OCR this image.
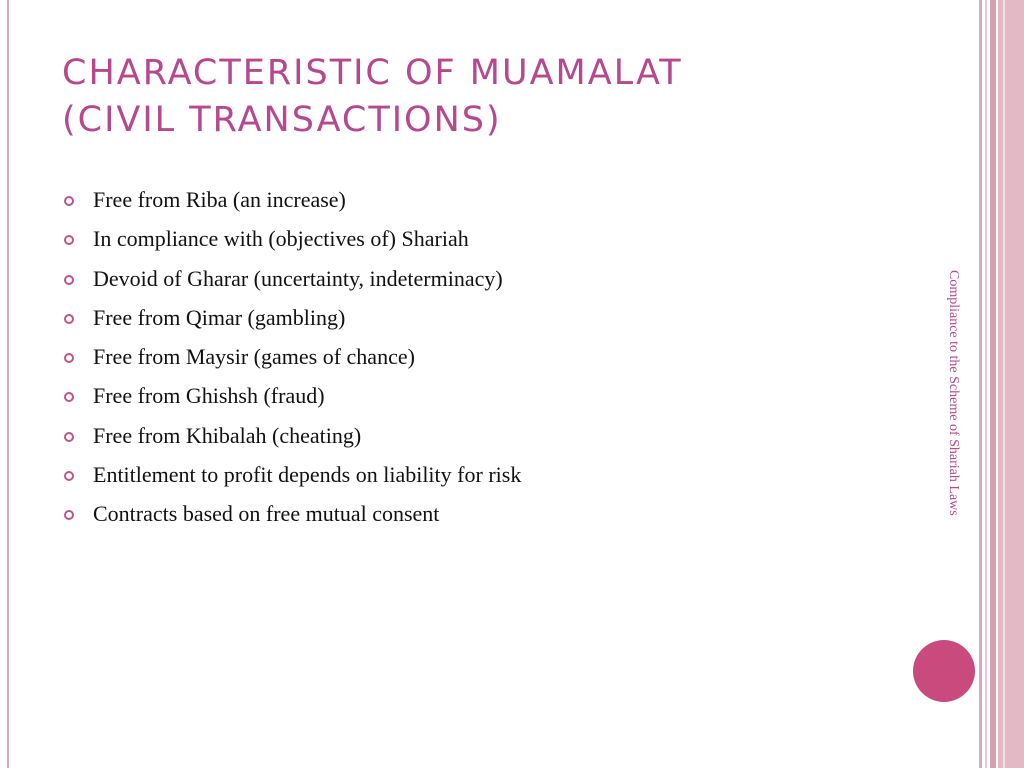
CHARACTERISTIC OF MUAMALAT
(CIVIL TRANSACTIONS)
Free from Riba (an increase)
In compliance with (objectives of) Shariah
Devoid of Gharar (uncertainty, indeterminacy)
Free from Qimar (gambling)
Free from Maysir (games of chance)
Free from Ghishsh (fraud)
Free from Khibalah (cheating)
Entitlement to profit depends on liability for risk
Contracts based on free mutual consent	Compliance to the Scheme of Shariah Laws
